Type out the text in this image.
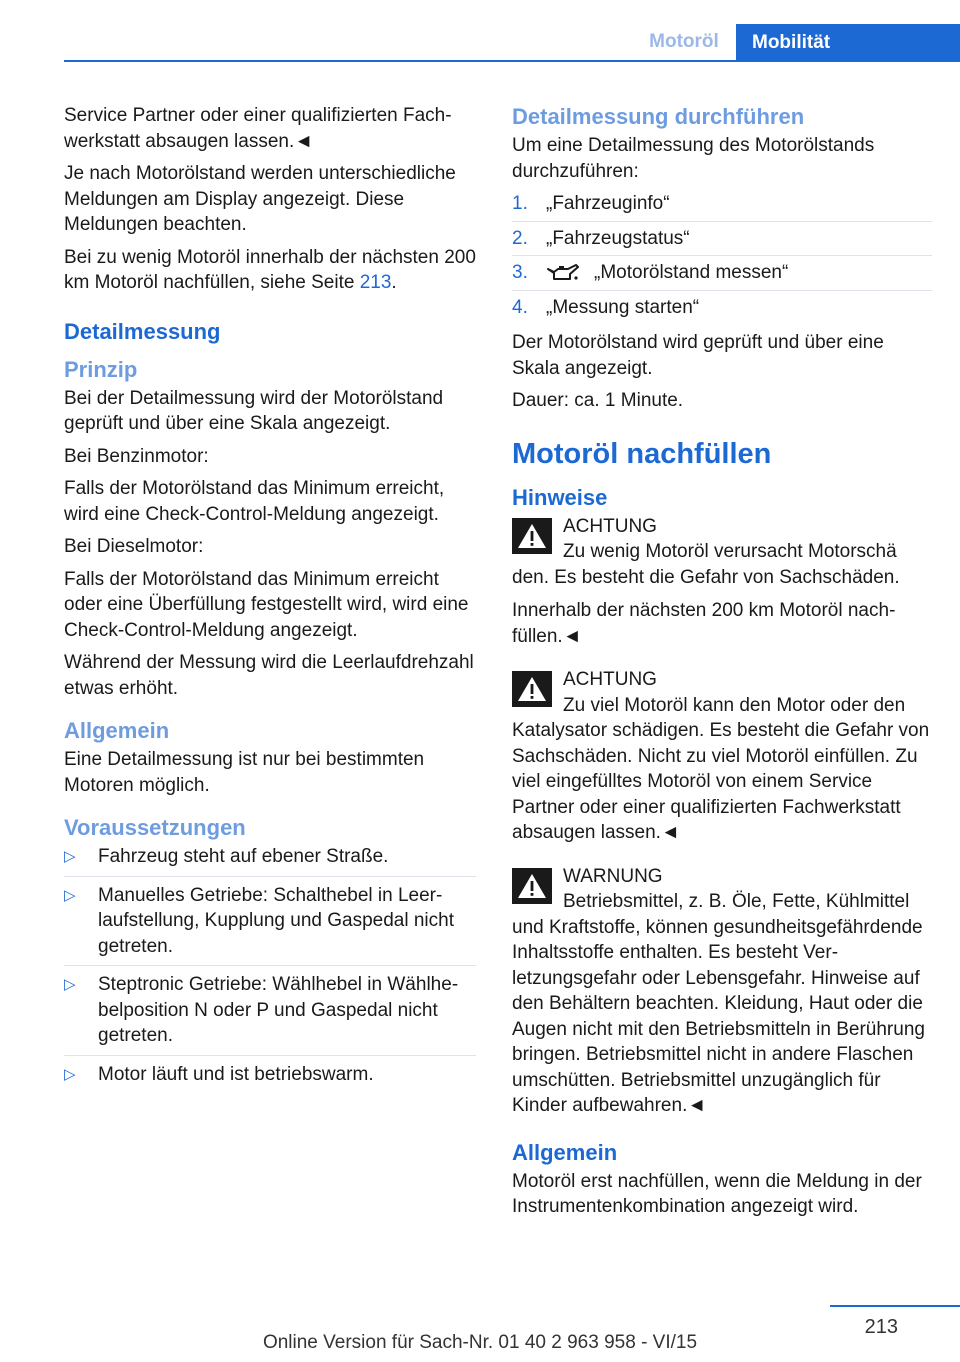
Motoröl	Mobilität

Service Partner oder einer qualifizierten Fachwerkstatt absaugen lassen.◄

Je nach Motorölstand werden unterschiedliche Meldungen am Display angezeigt. Diese Meldungen beachten.

Bei zu wenig Motoröl innerhalb der nächsten 200 km Motoröl nachfüllen, siehe Seite 213.

Detailmessung
Prinzip

Bei der Detailmessung wird der Motorölstand geprüft und über eine Skala angezeigt.

Bei Benzinmotor:

Falls der Motorölstand das Minimum erreicht, wird eine Check-Control-Meldung angezeigt.

Bei Dieselmotor:

Falls der Motorölstand das Minimum erreicht oder eine Überfüllung festgestellt wird, wird eine Check-Control-Meldung angezeigt.

Während der Messung wird die Leerlaufdrehzahl etwas erhöht.

Allgemein

Eine Detailmessung ist nur bei bestimmten Motoren möglich.

Voraussetzungen
▷ Fahrzeug steht auf ebener Straße.
▷ Manuelles Getriebe: Schalthebel in Leerlaufstellung, Kupplung und Gaspedal nicht getreten.
▷ Steptronic Getriebe: Wählhebel in Wählhebelposition N oder P und Gaspedal nicht getreten.
▷ Motor läuft und ist betriebswarm.
Detailmessung durchführen

Um eine Detailmessung des Motorölstands durchzuführen:

1. „Fahrzeuginfo“
2. „Fahrzeugstatus“
3.	„Motorölstand messen“
4. „Messung starten“

Der Motorölstand wird geprüft und über eine Skala angezeigt.

Dauer: ca. 1 Minute.

Motoröl nachfüllen
Hinweise
ACHTUNG
Zu wenig Motoröl verursacht Motorschä
den. Es besteht die Gefahr von Sachschäden.

Innerhalb der nächsten 200 km Motoröl nachfüllen.◄

ACHTUNG
Zu viel Motoröl kann den Motor oder den
Katalysator schädigen. Es besteht die Gefahr von Sachschäden. Nicht zu viel Motoröl einfüllen. Zu viel eingefülltes Motoröl von einem Service Partner oder einer qualifizierten Fachwerkstatt absaugen lassen.◄
WARNUNG
Betriebsmittel, z. B. Öle, Fette, Kühlmittel
und Kraftstoffe, können gesundheitsgefährdende Inhaltsstoffe enthalten. Es besteht Verletzungsgefahr oder Lebensgefahr. Hinweise auf den Behältern beachten. Kleidung, Haut oder die Augen nicht mit den Betriebsmitteln in Berührung bringen. Betriebsmittel nicht in andere Flaschen umschütten. Betriebsmittel unzugänglich für Kinder aufbewahren.◄
Allgemein

Motoröl erst nachfüllen, wenn die Meldung in der Instrumentenkombination angezeigt wird.

213
Online Version für Sach-Nr. 01 40 2 963 958 - VI/15
